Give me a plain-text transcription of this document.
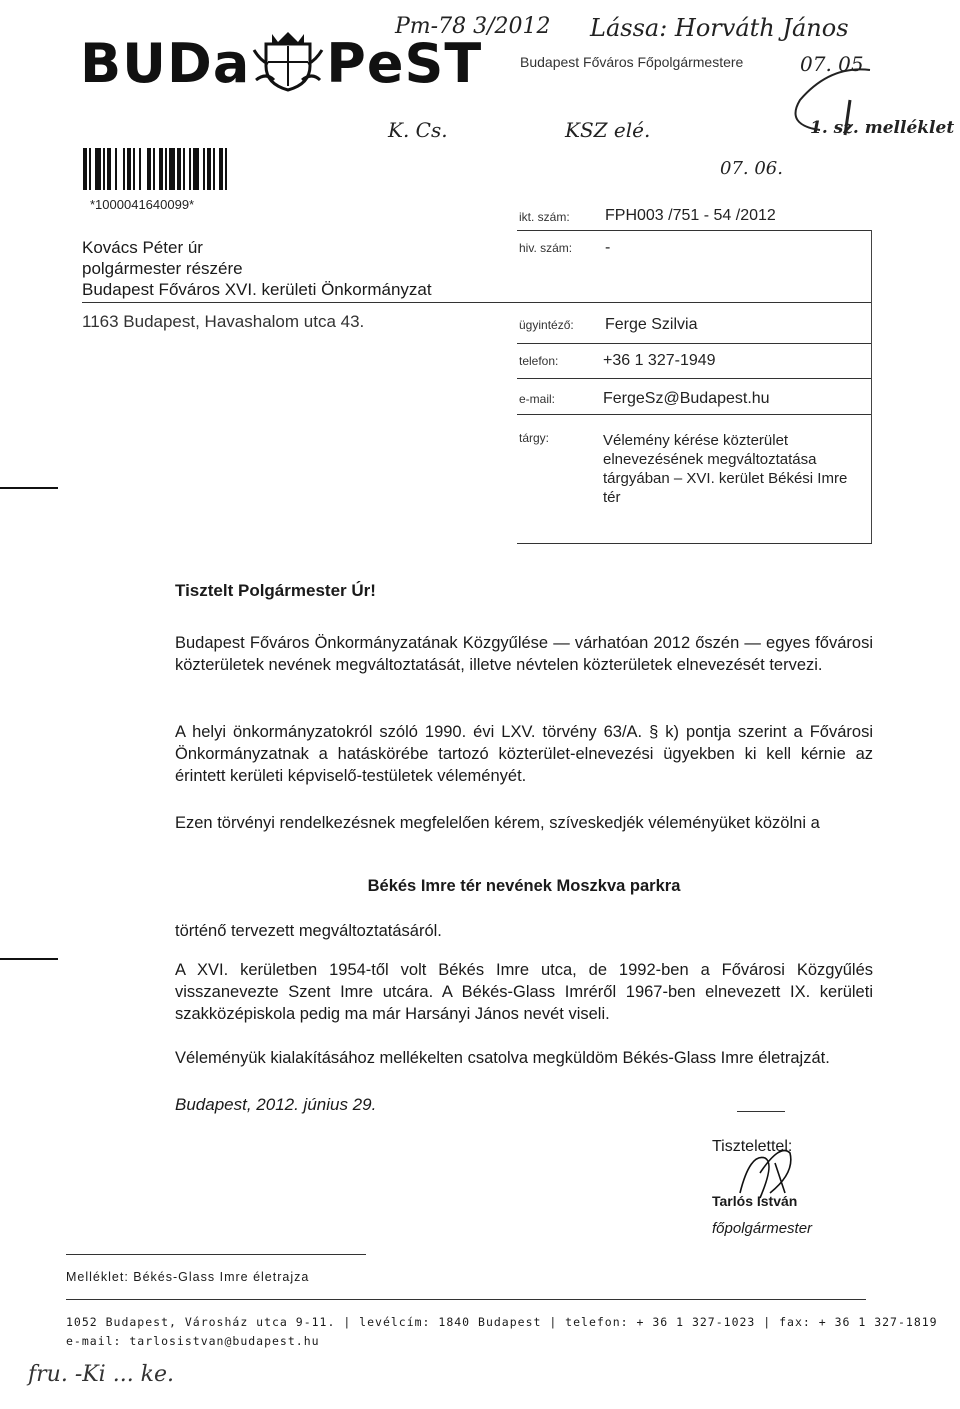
BUDa PeST	Budapest Főváros Főpolgármestere
Pm-78 3/2012 Lássa: Horváth János
07. 05
K. Cs.	KSZ elé.	1. sz. melléklet
07. 06.
*1000041640099*
Kovács Péter úr
polgármester részére
Budapest Főváros XVI. kerületi Önkormányzat
1163 Budapest, Havashalom utca 43.
ikt. szám: FPH003 /751 - 54 /2012
hiv. szám: -
ügyintéző: Ferge Szilvia
telefon:	+36 1 327-1949
e-mail:	FergeSz@Budapest.hu
tárgy:	Vélemény kérése közterület elnevezésének megváltoztatása tárgyában – XVI. kerület Békési Imre tér
Tisztelt Polgármester Úr!
Budapest Főváros Önkormányzatának Közgyűlése — várhatóan 2012 őszén — egyes fővárosi közterületek nevének megváltoztatását, illetve névtelen közterületek elnevezését tervezi.
A helyi önkormányzatokról szóló 1990. évi LXV. törvény 63/A. § k) pontja szerint a Fővárosi Önkormányzatnak a hatáskörébe tartozó közterület-elnevezési ügyekben ki kell kérnie az érintett kerületi képviselő-testületek véleményét.
Ezen törvényi rendelkezésnek megfelelően kérem, szíveskedjék véleményüket közölni a
Békés Imre tér nevének Moszkva parkra
történő tervezett megváltoztatásáról.
A XVI. kerületben 1954-től volt Békés Imre utca, de 1992-ben a Fővárosi Közgyűlés visszanevezte Szent Imre utcára. A Békés-Glass Imréről 1967-ben elnevezett IX. kerületi szakközépiskola pedig ma már Harsányi János nevét viseli.
Véleményük kialakításához mellékelten csatolva megküldöm Békés-Glass Imre életrajzát.
Budapest, 2012. június 29.
Tisztelettel:
Tarlós István
főpolgármester
Melléklet: Békés-Glass Imre életrajza
1052 Budapest, Városház utca 9-11. | levélcím: 1840 Budapest | telefon: + 36 1 327-1023 | fax: + 36 1 327-1819
e-mail: tarlosistvan@budapest.hu
fru. -Ki ... ke.
